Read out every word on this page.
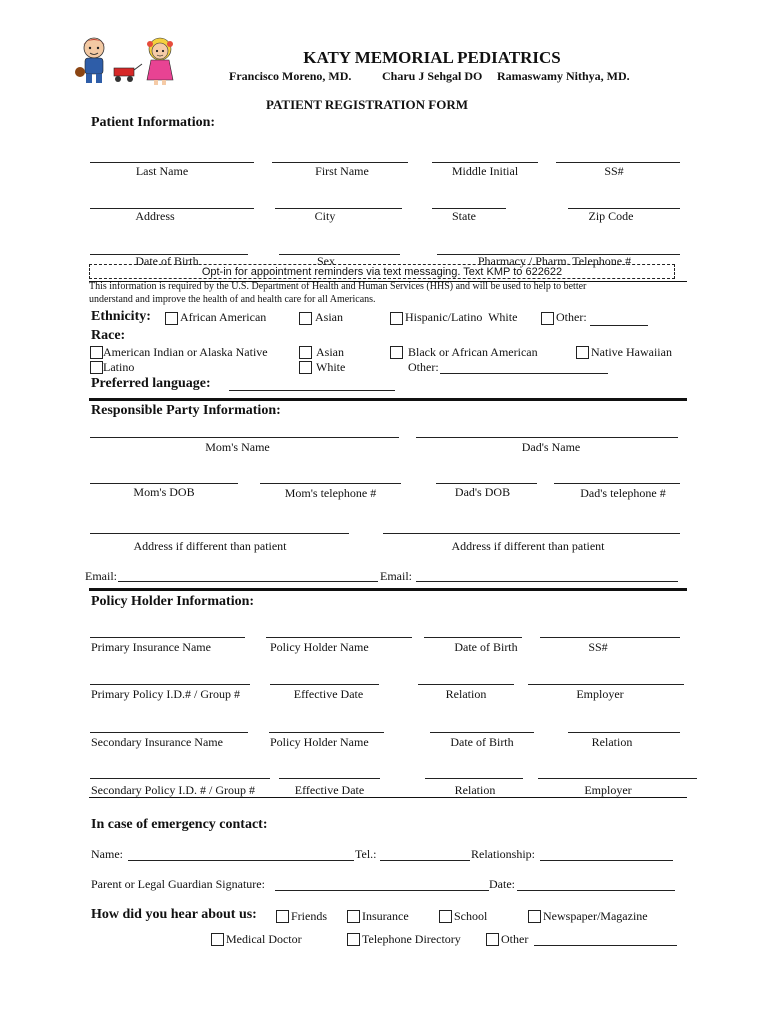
KATY MEMORIAL PEDIATRICS
Francisco Moreno, MD.	Charu J Sehgal DO Ramaswamy Nithya, MD.
PATIENT REGISTRATION FORM
Patient Information:
Last Name	First Name	Middle Initial	SS#
Address	City	State	Zip Code
Date of Birth	Sex	Pharmacy / Pharm. Telephone #
Opt-in for appointment reminders via text messaging. Text KMP to 622622
This information is required by the U.S. Department of Health and Human Services (HHS) and will be used to help to better
understand and improve the health of and health care for all Americans.
Ethnicity: African American	Asian	Hispanic/Latino  White	Other:
Race:
American Indian or Alaska Native	Asian	Black or African American	Native Hawaiian
Latino	White	Other:
Preferred language:
Responsible Party Information:
Mom's Name	Dad's Name
Mom's DOB	Mom's telephone #	Dad's DOB	Dad's telephone #
Address if different than patient	Address if different than patient
Email:	Email:
Policy Holder Information:
Primary Insurance Name	Policy Holder Name	Date of Birth	SS#
Primary Policy I.D.# / Group #	Effective Date	Relation	Employer
Secondary Insurance Name	Policy Holder Name	Date of Birth	Relation
Secondary Policy I.D. # / Group #	Effective Date	Relation	Employer
In case of emergency contact:
Name:	Tel.:	Relationship:
Parent or Legal Guardian Signature:	Date:
How did you hear about us:	Friends	Insurance	School	Newspaper/Magazine
Medical Doctor	Telephone Directory	Other
